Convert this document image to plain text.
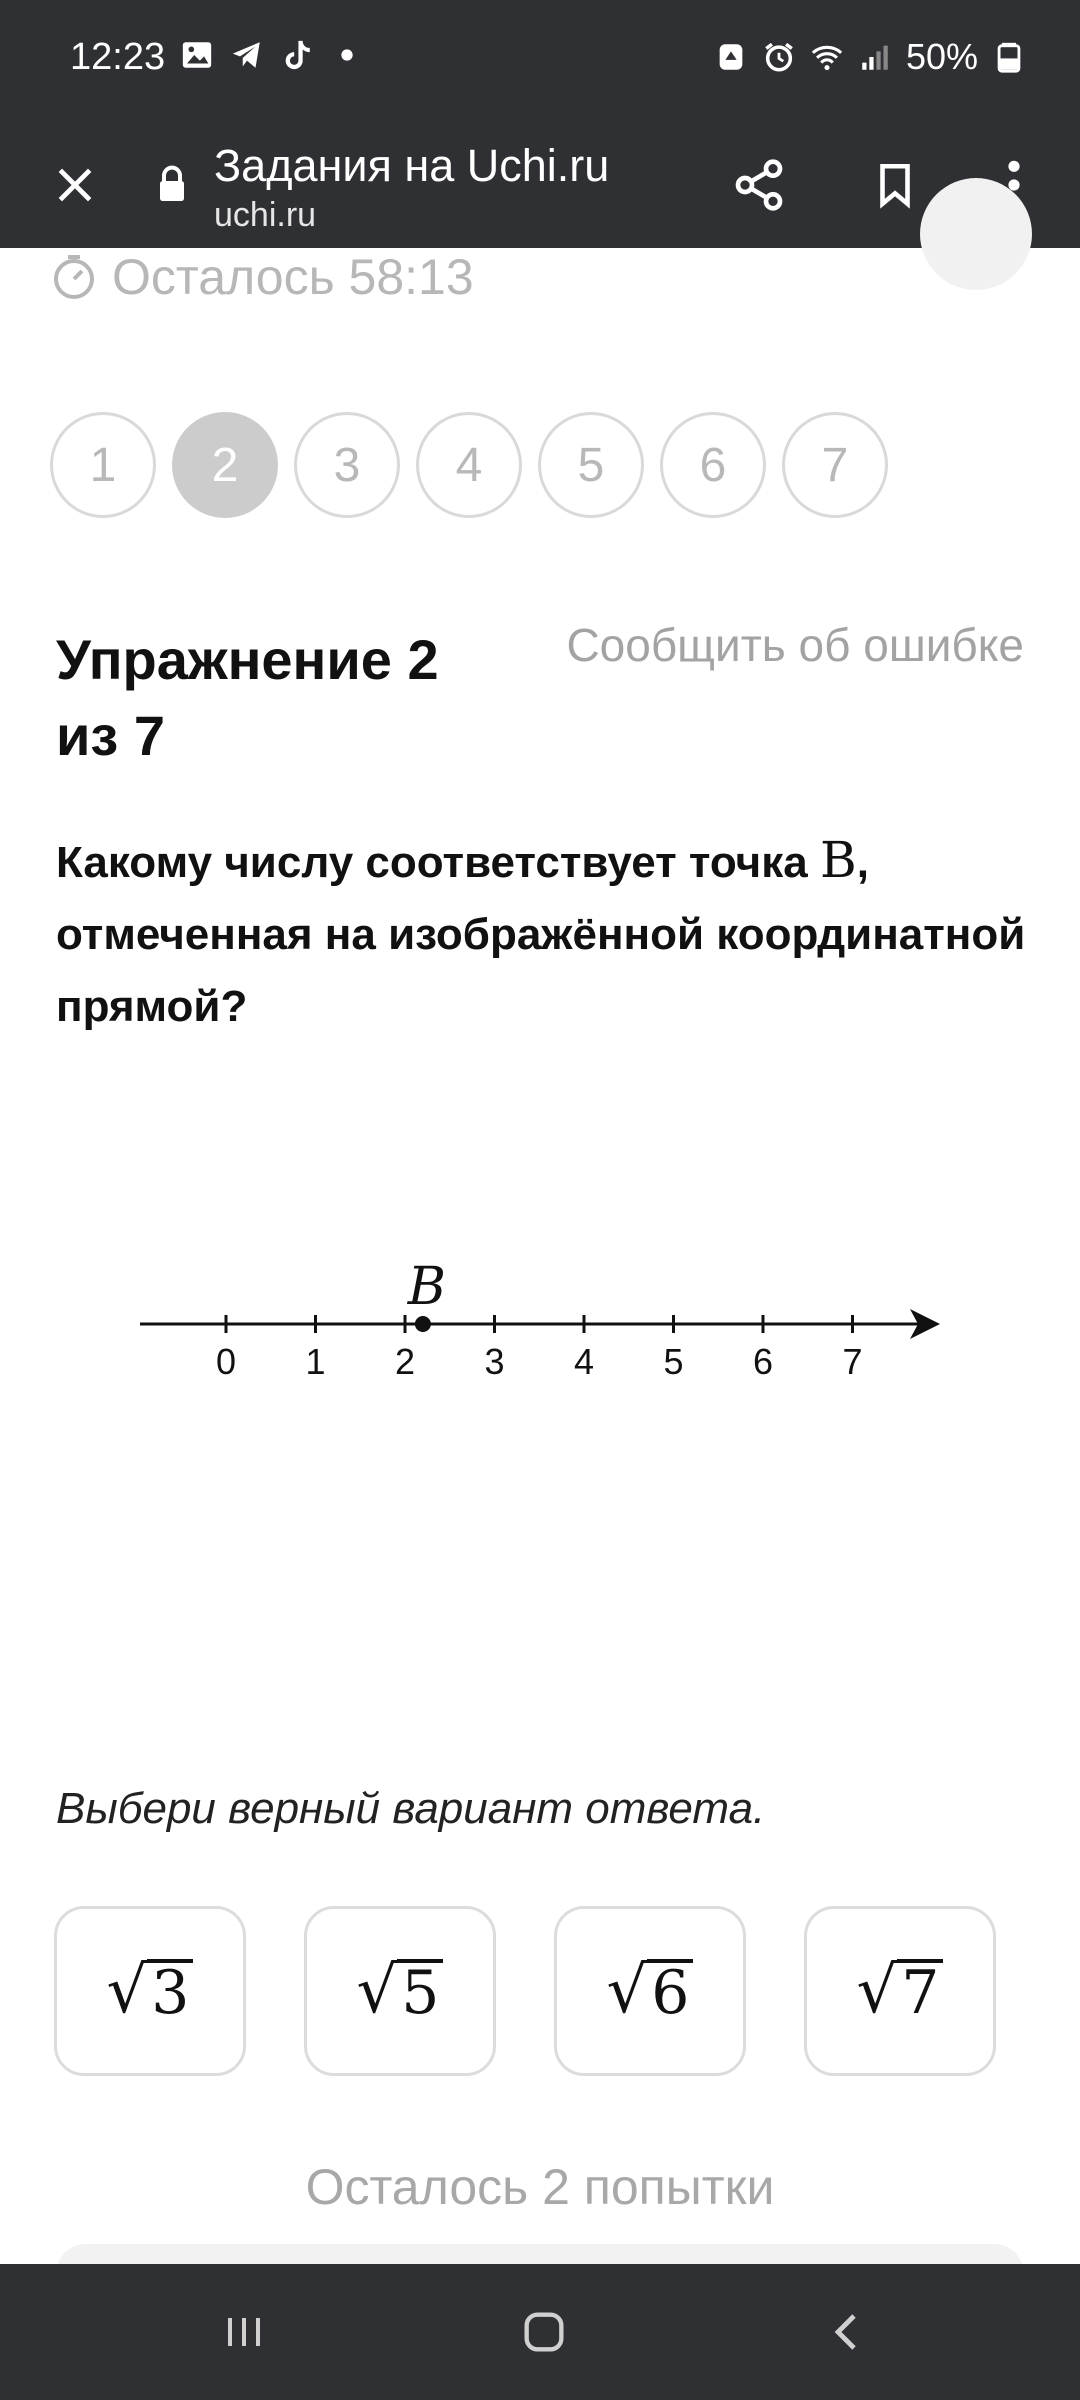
12:23	50%
Задания на Uchi.ru
uchi.ru
Осталось 58:13
1	2	3	4	5	6	7
Упражнение 2 из 7
Сообщить об ошибке
Какому числу соответствует точка B, отмеченная на изображённой координатной прямой?
0 1 2 3 4 5 6 7
B
Выбери верный вариант ответа.
√ 3	√ 5	√ 6	√ 7
Осталось 2 попытки
